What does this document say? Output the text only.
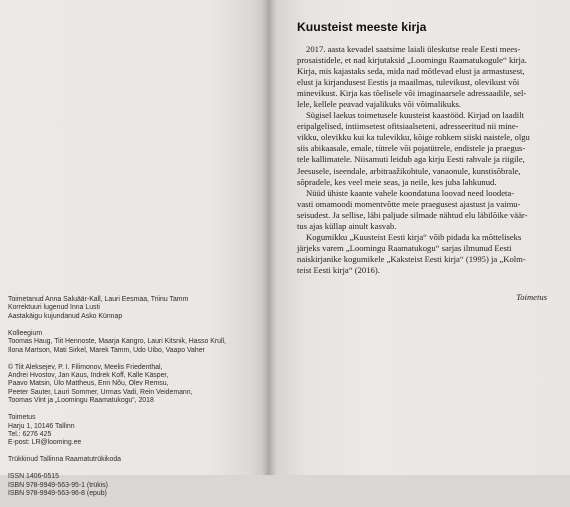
Toimetanud Anna Saluäär-Kall, Lauri Eesmaa, Triinu Tamm
Korrektuuri lugenud Inna Lusti
Aastakäigu kujundanud Asko Künnap
Kolleegium
Toomas Haug, Tiit Hennoste, Maarja Kangro, Lauri Kitsnik, Hasso Krull,
Ilona Martson, Mati Sirkel, Marek Tamm, Udo Uibo, Vaapo Vaher
© Tiit Aleksejev, P. I. Filimonov, Meelis Friedenthal,
Andrei Hvostov, Jan Kaus, Indrek Koff, Kalle Käsper,
Paavo Matsin, Ülo Mattheus, Enn Nõu, Olev Remsu,
Peeter Sauter, Lauri Sommer, Urmas Vadi, Rein Veidemann,
Toomas Vint ja „Loomingu Raamatukogu“, 2018
Toimetus
Harju 1, 10146 Tallinn
Tel.: 6276 425
E-post: LR@looming.ee
Trükkinud Tallinna Raamatutrükikoda
ISSN 1406-0515
ISBN 978-9949-563-95-1 (trükis)
ISBN 978-9949-563-96-8 (epub)
Kuusteist meeste kirja
2017. aasta kevadel saatsime laiali üleskutse reale Eesti mees-
prosaistidele, et nad kirjutaksid „Loomingu Raamatukogule“ kirja.
Kirja, mis kajastaks seda, mida nad mõtlevad elust ja armastusest,
elust ja kirjandusest Eestis ja maailmas, tulevikust, olevikust või
minevikust. Kirja kas tõelisele või imaginaarsele adressaadile, sel-
lele, kellele peavad vajalikuks või võimalikuks.
Sügisel laekus toimetusele kuusteist kaastööd. Kirjad on laadilt
eripalgelised, intiimsetest ofitsiaalseteni, adresseeritud nii mine-
vikku, olevikku kui ka tulevikku, kõige rohkem siiski naistele, olgu
siis abikaasale, emale, tütrele või pojatütrele, endistele ja praegus-
tele kallimatele. Niisamuti leidub aga kirju Eesti rahvale ja riigile,
Jeesusele, iseendale, arbitraažikohtule, vanaonule, kunstisõbrale,
sõpradele, kes veel meie seas, ja neile, kes juba lahkunud.
Nüüd ühiste kaante vahele koondatuna loovad need loodeta-
vasti omamoodi momentvõtte meie praegusest ajastust ja vaimu-
seisudest. Ja sellise, läbi paljude silmade nähtud elu läbilõike väär-
tus ajas küllap ainult kasvab.
Kogumikku „Kuusteist Eesti kirja“ võib pidada ka mõtteliseks
järjeks varem „Loomingu Raamatukogu“ sarjas ilmunud Eesti
naiskirjanike kogumikele „Kaksteist Eesti kirja“ (1995) ja „Kolm-
teist Eesti kirja“ (2016).
Toimetus
